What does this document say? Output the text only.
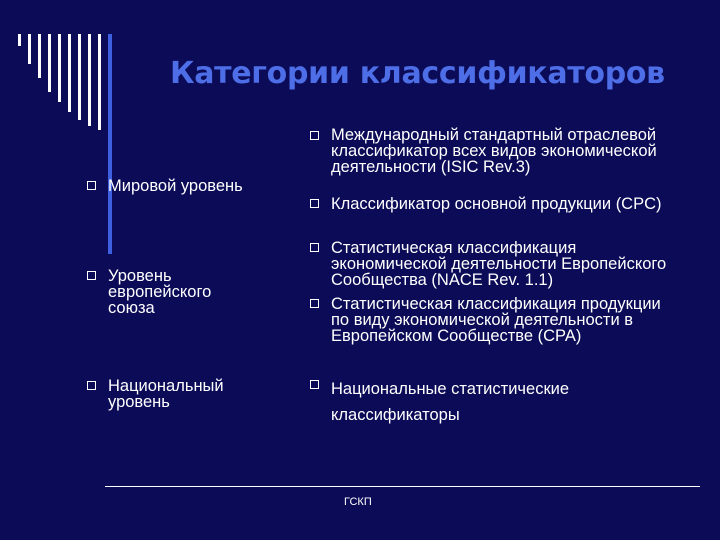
Категории классификаторов
Мировой уровень
Международный стандартный отраслевой
классификатор всех видов экономической
деятельности (ISIC Rev.3)
Классификатор основной продукции (CPC)
Уровень
европейского
союза
Статистическая классификация
экономической деятельности Европейского
Сообщества (NACE Rev. 1.1)
Статистическая классификация продукции
по виду экономической деятельности в
Европейском Сообществе (CPA)
Национальный
уровень
Национальные статистические
классификаторы
ГСКП
